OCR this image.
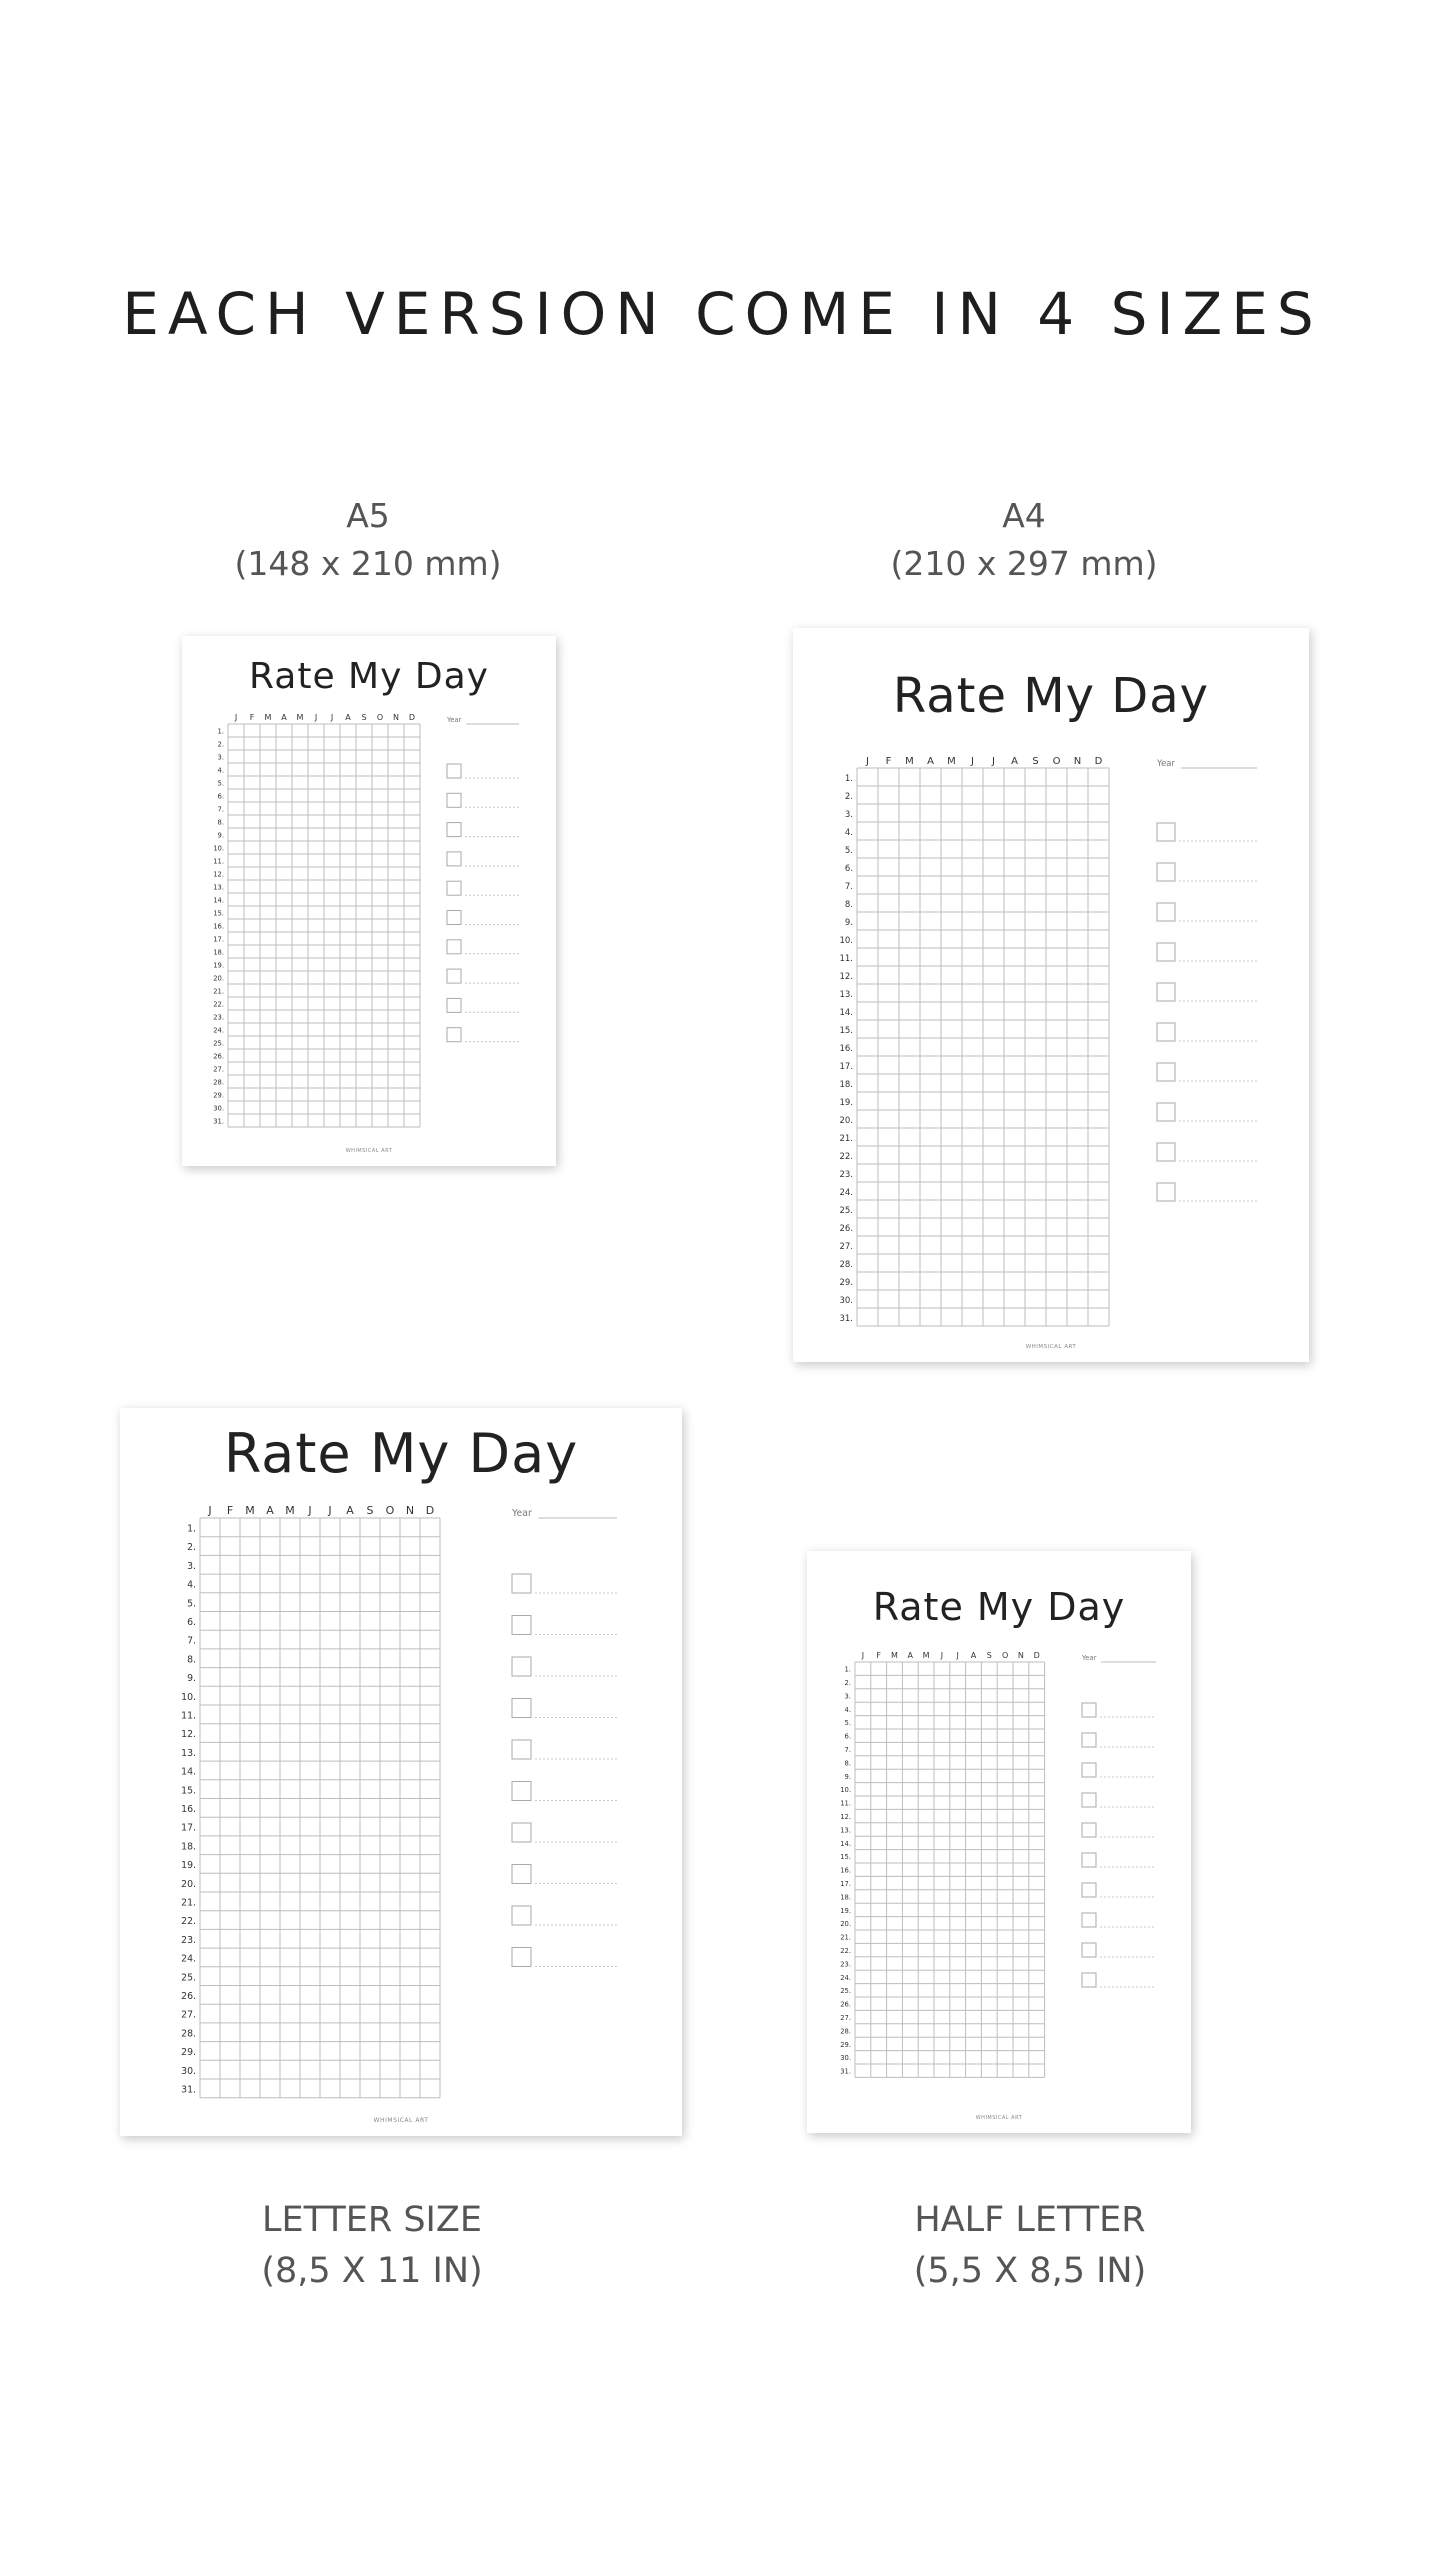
EACH VERSION COME IN 4 SIZES
A5
(148 x 210 mm)
Rate My Day
J F M A M J J A S O N D
1.
2.
3.
4.
5.
6.
7.
8.
9.
10.
11.
12.
13.
14.
15.
16.
17.
18.
19.
20.
21.
22.
23.
24.
25.
26.
27.
28.
29.
30.
31.
Year
WHIMSICAL ART
A4
(210 x 297 mm)
Rate My Day
J F M A M J J A S O N D
1.
2.
3.
4.
5.
6.
7.
8.
9.
10.
11.
12.
13.
14.
15.
16.
17.
18.
19.
20.
21.
22.
23.
24.
25.
26.
27.
28.
29.
30.
31.
Year
WHIMSICAL ART
Rate My Day
J F M A M J J A S O N D
1.
2.
3.
4.
5.
6.
7.
8.
9.
10.
11.
12.
13.
14.
15.
16.
17.
18.
19.
20.
21.
22.
23.
24.
25.
26.
27.
28.
29.
30.
31.
Year
WHIMSICAL ART
LETTER SIZE
(8,5 X 11 IN)
Rate My Day
J F M A M J J A S O N D
1.
2.
3.
4.
5.
6.
7.
8.
9.
10.
11.
12.
13.
14.
15.
16.
17.
18.
19.
20.
21.
22.
23.
24.
25.
26.
27.
28.
29.
30.
31.
Year
WHIMSICAL ART
HALF LETTER
(5,5 X 8,5 IN)
